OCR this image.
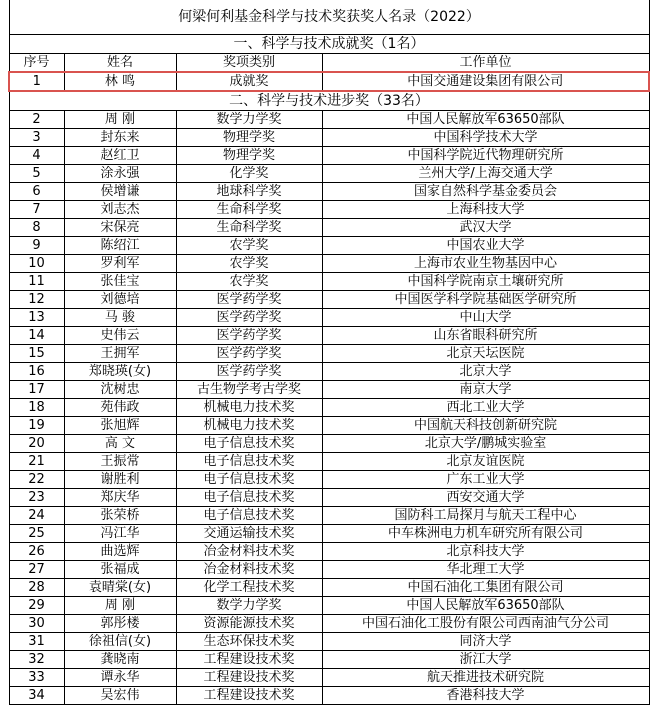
何梁何利基金科学与技术奖获奖人名录（2022）			
一、科学与技术成就奖（1名）			
序号	姓名	奖项类别	工作单位
1	林 鸣	成就奖	中国交通建设集团有限公司
二、科学与技术进步奖（33名）			
2	周 刚	数学力学奖	中国人民解放军63650部队
3	封东来	物理学奖	中国科学技术大学
4	赵红卫	物理学奖	中国科学院近代物理研究所
5	涂永强	化学奖	兰州大学/上海交通大学
6	侯增谦	地球科学奖	国家自然科学基金委员会
7	刘志杰	生命科学奖	上海科技大学
8	宋保亮	生命科学奖	武汉大学
9	陈绍江	农学奖	中国农业大学
10	罗利军	农学奖	上海市农业生物基因中心
11	张佳宝	农学奖	中国科学院南京土壤研究所
12	刘德培	医学药学奖	中国医学科学院基础医学研究所
13	马 骏	医学药学奖	中山大学
14	史伟云	医学药学奖	山东省眼科研究所
15	王拥军	医学药学奖	北京天坛医院
16	郑晓瑛(女)	医学药学奖	北京大学
17	沈树忠	古生物学考古学奖	南京大学
18	苑伟政	机械电力技术奖	西北工业大学
19	张旭辉	机械电力技术奖	中国航天科技创新研究院
20	高 文	电子信息技术奖	北京大学/鹏城实验室
21	王振常	电子信息技术奖	北京友谊医院
22	谢胜利	电子信息技术奖	广东工业大学
23	郑庆华	电子信息技术奖	西安交通大学
24	张荣桥	电子信息技术奖	国防科工局探月与航天工程中心
25	冯江华	交通运输技术奖	中车株洲电力机车研究所有限公司
26	曲选辉	冶金材料技术奖	北京科技大学
27	张福成	冶金材料技术奖	华北理工大学
28	袁晴棠(女)	化学工程技术奖	中国石油化工集团有限公司
29	周 刚	数学力学奖	中国人民解放军63650部队
30	郭彤楼	资源能源技术奖	中国石油化工股份有限公司西南油气分公司
31	徐祖信(女)	生态环保技术奖	同济大学
32	龚晓南	工程建设技术奖	浙江大学
33	谭永华	工程建设技术奖	航天推进技术研究院
34	吴宏伟	工程建设技术奖	香港科技大学
